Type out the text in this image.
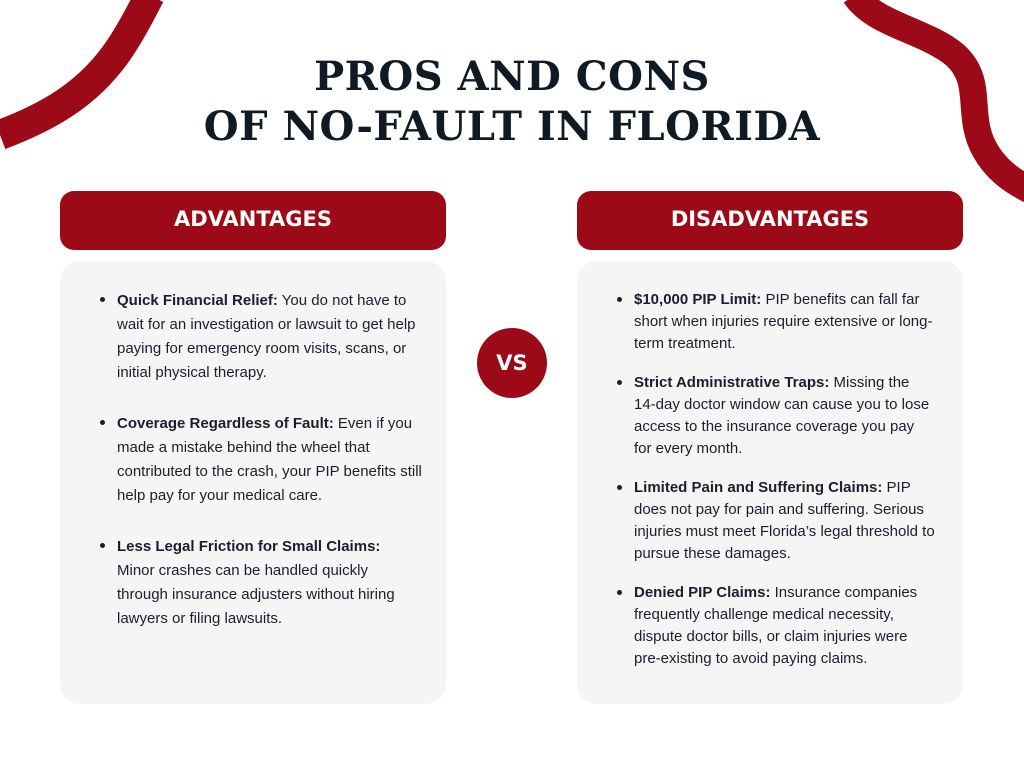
PROS AND CONS
OF NO-FAULT IN FLORIDA
ADVANTAGES	DISADVANTAGES
Quick Financial Relief: You do not have to wait for an investigation or lawsuit to get help paying for emergency room visits, scans, or initial physical therapy.
Coverage Regardless of Fault: Even if you made a mistake behind the wheel that contributed to the crash, your PIP benefits still help pay for your medical care.
Less Legal Friction for Small Claims: Minor crashes can be handled quickly through insurance adjusters without hiring lawyers or filing lawsuits.
VS
$10,000 PIP Limit: PIP benefits can fall far short when injuries require extensive or long-term treatment.
Strict Administrative Traps: Missing the 14-day doctor window can cause you to lose access to the insurance coverage you pay for every month.
Limited Pain and Suffering Claims: PIP does not pay for pain and suffering. Serious injuries must meet Florida’s legal threshold to pursue these damages.
Denied PIP Claims: Insurance companies frequently challenge medical necessity, dispute doctor bills, or claim injuries were pre-existing to avoid paying claims.
